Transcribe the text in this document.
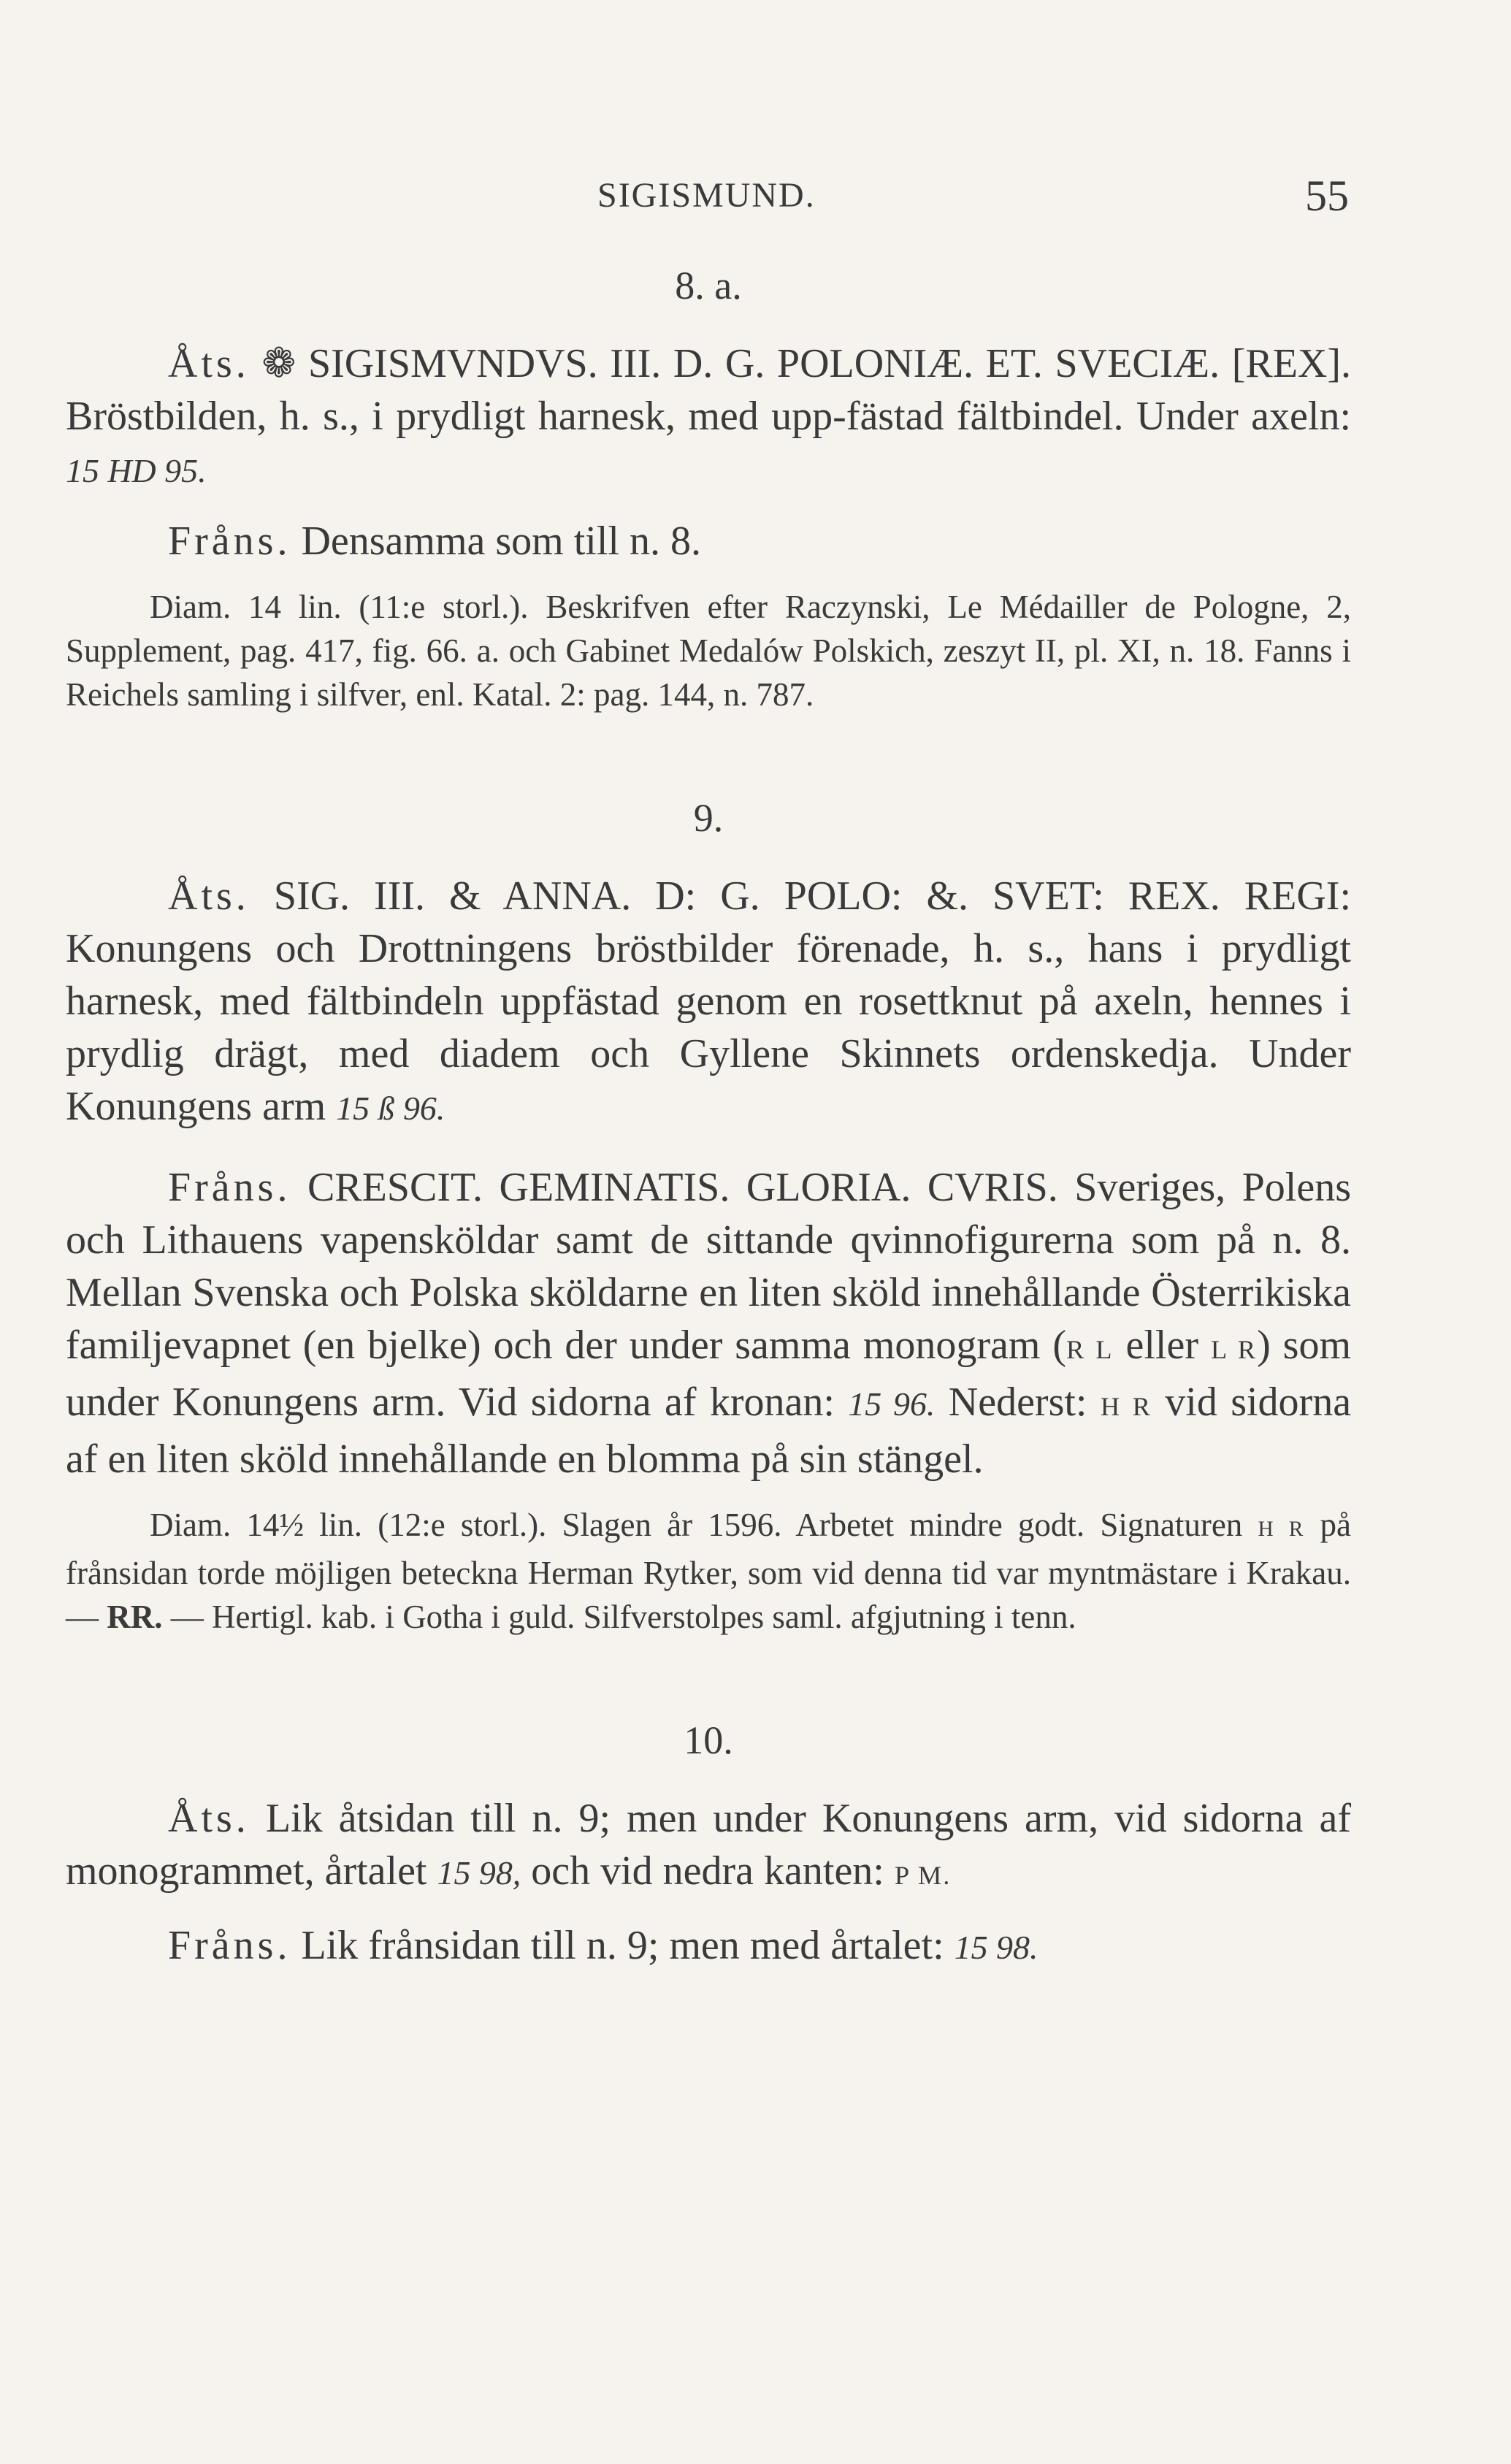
SIGISMUND.	55

8. a.

Åts. ❁ SIGISMVNDVS. III. D. G. POLONIÆ. ET. SVECIÆ. [REX]. Bröstbilden, h. s., i prydligt harnesk, med upp-fästad fältbindel. Under axeln: 15 HD 95.

Fråns. Densamma som till n. 8.

Diam. 14 lin. (11:e storl.). Beskrifven efter Raczynski, Le Médailler de Pologne, 2, Supplement, pag. 417, fig. 66. a. och Gabinet Medalów Polskich, zeszyt II, pl. XI, n. 18. Fanns i Reichels samling i silfver, enl. Katal. 2: pag. 144, n. 787.

9.

Åts. SIG. III. & ANNA. D: G. POLO: &. SVET: REX. REGI: Konungens och Drottningens bröstbilder förenade, h. s., hans i prydligt harnesk, med fältbindeln uppfästad genom en rosettknut på axeln, hennes i prydlig drägt, med diadem och Gyllene Skinnets ordenskedja. Under Konungens arm 15 ß 96.

Fråns. CRESCIT. GEMINATIS. GLORIA. CVRIS. Sveriges, Polens och Lithauens vapensköldar samt de sittande qvinnofigurerna som på n. 8. Mellan Svenska och Polska sköldarne en liten sköld innehållande Österrikiska familjevapnet (en bjelke) och der under samma monogram (R L eller L R) som under Konungens arm. Vid sidorna af kronan: 15 96. Nederst: H R vid sidorna af en liten sköld innehållande en blomma på sin stängel.

Diam. 14½ lin. (12:e storl.). Slagen år 1596. Arbetet mindre godt. Signaturen H R på frånsidan torde möjligen beteckna Herman Rytker, som vid denna tid var myntmästare i Krakau. — RR. — Hertigl. kab. i Gotha i guld. Silfverstolpes saml. afgjutning i tenn.

10.

Åts. Lik åtsidan till n. 9; men under Konungens arm, vid sidorna af monogrammet, årtalet 15 98, och vid nedra kanten: P M.

Fråns. Lik frånsidan till n. 9; men med årtalet: 15 98.
